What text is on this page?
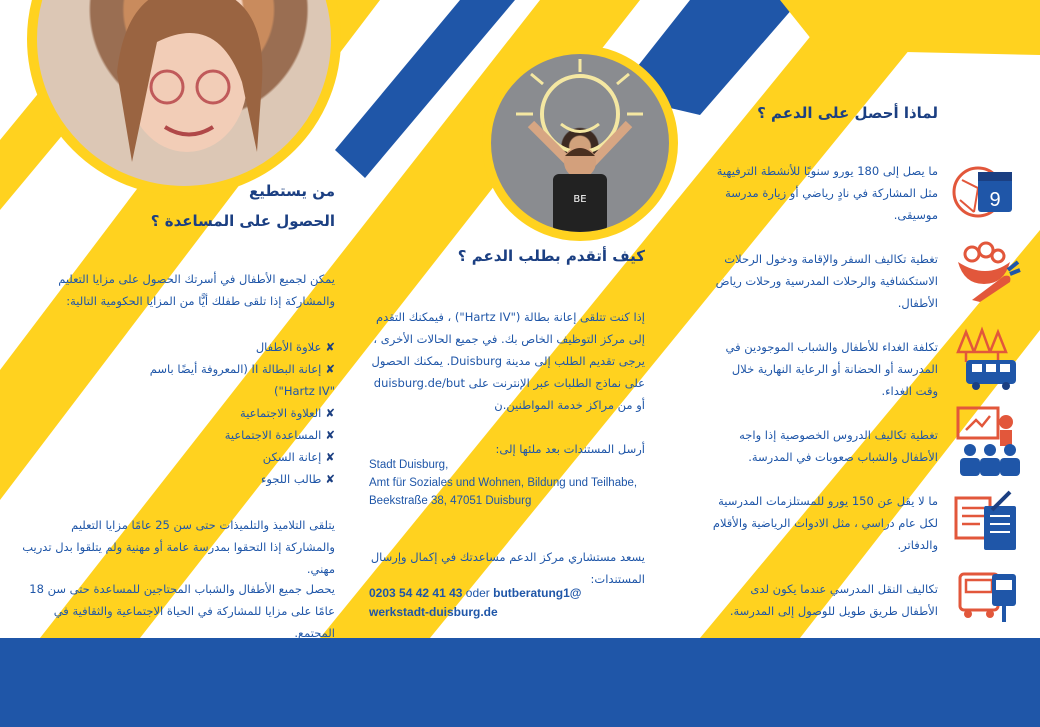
BE
من يستطيع
الحصول على المساعدة ؟
يمكن لجميع الأطفال في أسرتك الحصول على مزايا التعليم والمشاركة إذا تلقى طفلك أيًّا من المزايا الحكومية التالية:
✘علاوة الأطفال
✘إعانة البطالة II (المعروفة أيضًا باسم "Hartz IV")
✘العلاوة الاجتماعية
✘المساعدة الاجتماعية
✘إعانة السكن
✘طالب اللجوء
يتلقى التلاميذ والتلميذات حتى سن 25 عامًا مزايا التعليم والمشاركة إذا التحقوا بمدرسة عامة أو مهنية ولم يتلقوا بدل تدريب مهني.
يحصل جميع الأطفال والشباب المحتاجين للمساعدة حتى سن 18 عامًا على مزايا للمشاركة في الحياة الاجتماعية والثقافية في المجتمع.
كيف أتقدم بطلب الدعم ؟
إذا كنت تتلقى إعانة بطالة ("Hartz IV") ، فيمكنك التقدم إلى مركز التوظيف الخاص بك. في جميع الحالات الأخرى ، يرجى تقديم الطلب إلى مدينة Duisburg. يمكنك الحصول على نماذج الطلبات عبر الإنترنت على duisburg.de/but أو من مراكز خدمة المواطنين.ن
أرسل المستندات بعد ملئها إلى:
Stadt Duisburg,
Amt für Soziales und Wohnen, Bildung und Teilhabe,
Beekstraße 38, 47051 Duisburg
يسعد مستشاري مركز الدعم مساعدتك في إكمال وإرسال المستندات:
0203 54 42 41 43 oder butberatung1@
werkstadt-duisburg.de
لماذا أحصل على الدعم ؟
ما يصل إلى 180 يورو سنويًا للأنشطة الترفيهية مثل المشاركة في نادٍ رياضي أو زيارة مدرسة موسيقى.
تغطية تكاليف السفر والإقامة ودخول الرحلات الاستكشافية والرحلات المدرسية ورحلات رياض الأطفال.
تكلفة الغداء للأطفال والشباب الموجودين في المدرسة أو الحضانة أو الرعاية النهارية خلال وقت الغداء.
تغطية تكاليف الدروس الخصوصية إذا واجه الأطفال والشباب صعوبات في المدرسة.
ما لا يقل عن 150 يورو للمستلزمات المدرسية لكل عام دراسي ، مثل الادوات الرياضية والأقلام والدفاتر.
تكاليف النقل المدرسي عندما يكون لدى الأطفال طريق طويل للوصول إلى المدرسة.
9
